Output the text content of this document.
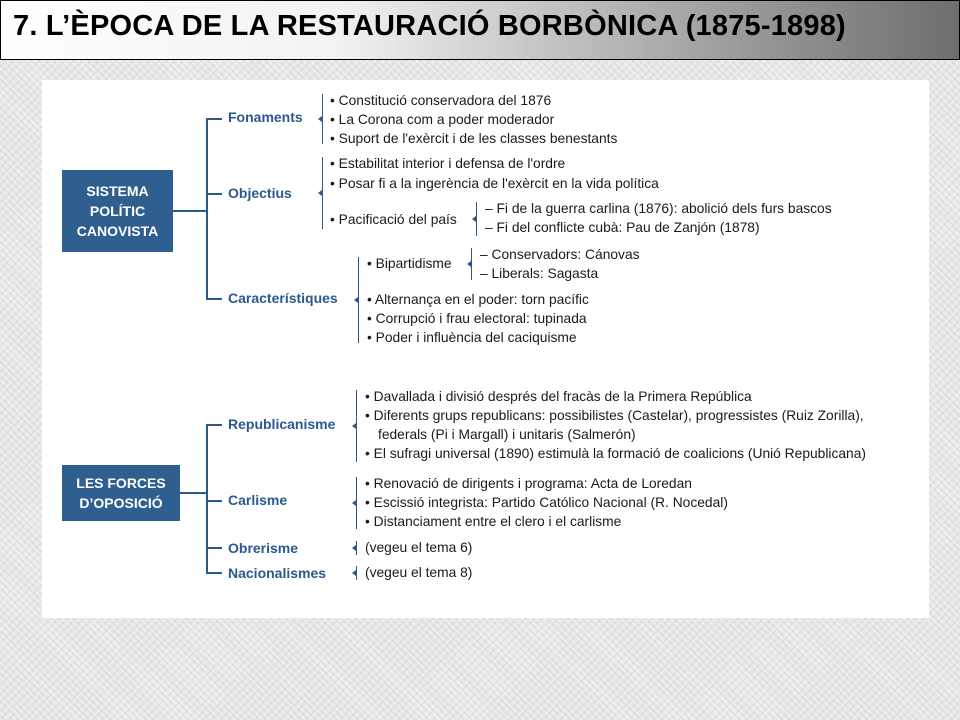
7. L’ÈPOCA DE LA RESTAURACIÓ BORBÒNICA (1875-1898)
SISTEMA
POLÍTIC
CANOVISTA
Fonaments
• Constitució conservadora del 1876
• La Corona com a poder moderador
• Suport de l'exèrcit i de les classes benestants
Objectius
• Estabilitat interior i defensa de l'ordre
• Posar fi a la ingerència de l'exèrcit en la vida política
• Pacificació del país
– Fi de la guerra carlina (1876): abolició dels furs bascos
– Fi del conflicte cubà: Pau de Zanjón (1878)
Característiques
• Bipartidisme
– Conservadors: Cánovas
– Liberals: Sagasta
• Alternança en el poder: torn pacífic
• Corrupció i frau electoral: tupinada
• Poder i influència del caciquisme
LES FORCES
D’OPOSICIÓ
Republicanisme
• Davallada i divisió després del fracàs de la Primera República
• Diferents grups republicans: possibilistes (Castelar), progressistes (Ruiz Zorilla),
federals (Pi i Margall) i unitaris (Salmerón)
• El sufragi universal (1890) estimulà la formació de coalicions (Unió Republicana)
Carlisme
• Renovació de dirigents i programa: Acta de Loredan
• Escissió integrista: Partido Católico Nacional (R. Nocedal)
• Distanciament entre el clero i el carlisme
Obrerisme	(vegeu el tema 6)
Nacionalismes	(vegeu el tema 8)
